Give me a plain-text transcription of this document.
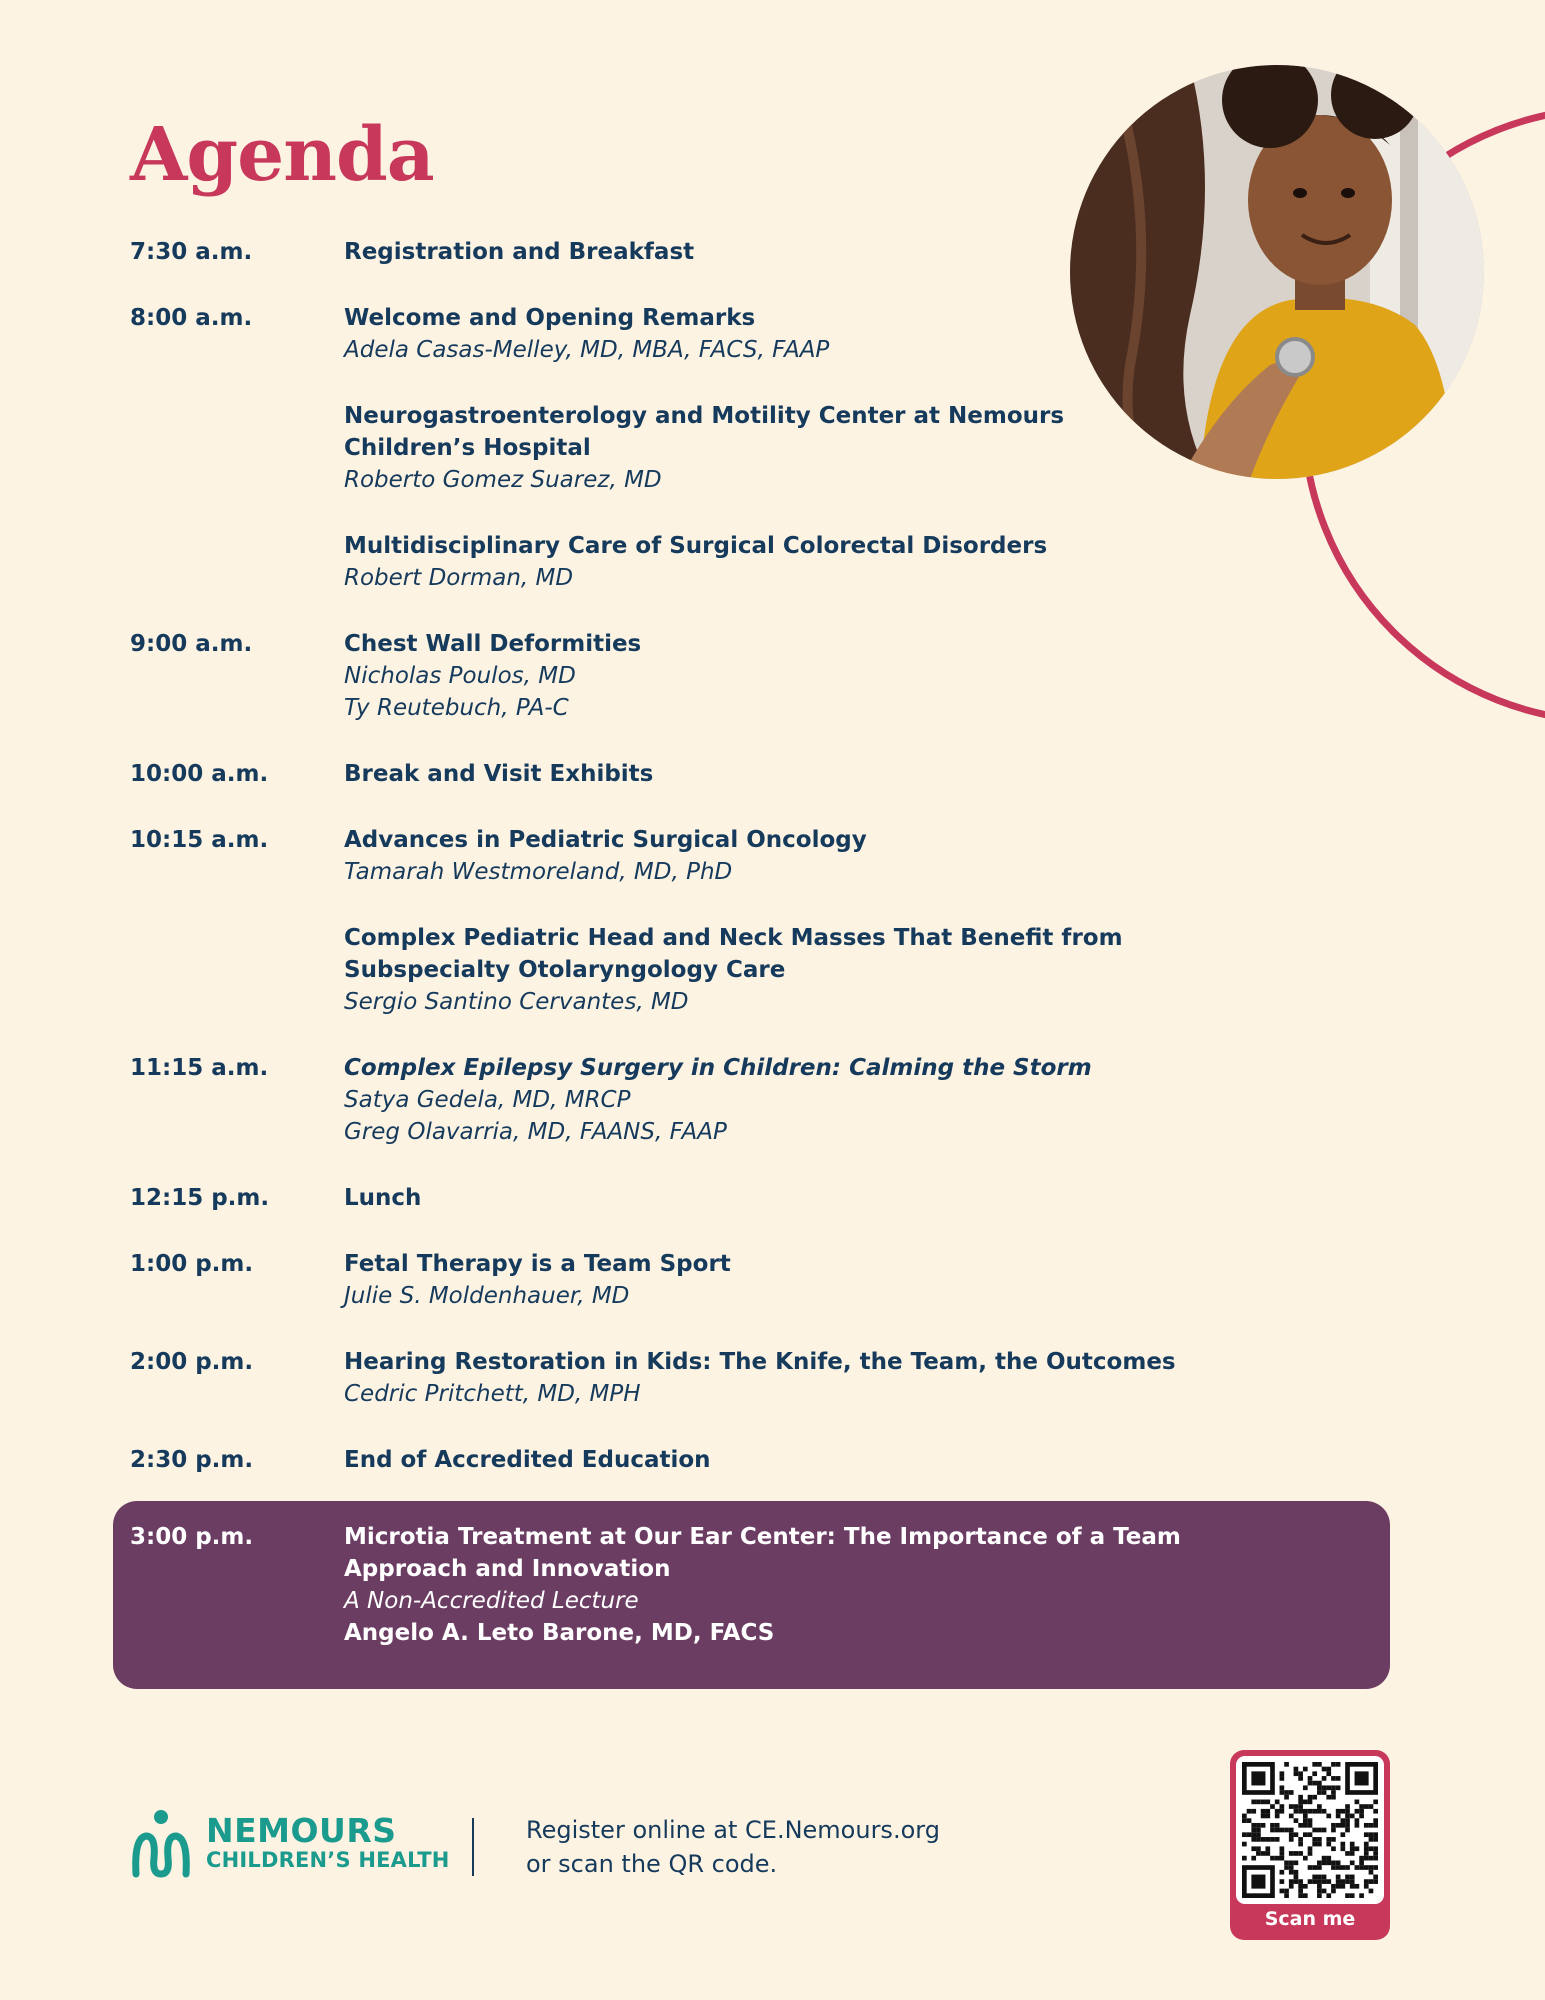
Agenda
7:30 a.m.	Registration and Breakfast
8:00 a.m.	Welcome and Opening Remarks
Adela Casas-Melley, MD, MBA, FACS, FAAP
Neurogastroenterology and Motility Center at Nemours Children’s Hospital
Roberto Gomez Suarez, MD
Multidisciplinary Care of Surgical Colorectal Disorders
Robert Dorman, MD
9:00 a.m.	Chest Wall Deformities
Nicholas Poulos, MD
Ty Reutebuch, PA-C
10:00 a.m.	Break and Visit Exhibits
10:15 a.m.	Advances in Pediatric Surgical Oncology
Tamarah Westmoreland, MD, PhD
Complex Pediatric Head and Neck Masses That Benefit from Subspecialty Otolaryngology Care
Sergio Santino Cervantes, MD
11:15 a.m.	Complex Epilepsy Surgery in Children: Calming the Storm
Satya Gedela, MD, MRCP
Greg Olavarria, MD, FAANS, FAAP
12:15 p.m.	Lunch
1:00 p.m.	Fetal Therapy is a Team Sport
Julie S. Moldenhauer, MD
2:00 p.m.	Hearing Restoration in Kids: The Knife, the Team, the Outcomes
Cedric Pritchett, MD, MPH
2:30 p.m.	End of Accredited Education
3:00 p.m.	Microtia Treatment at Our Ear Center: The Importance of a Team Approach and Innovation
A Non-Accredited Lecture
Angelo A. Leto Barone, MD, FACS
NEMOURS
CHILDREN’S HEALTH
Register online at CE.Nemours.org
or scan the QR code.
Scan me
